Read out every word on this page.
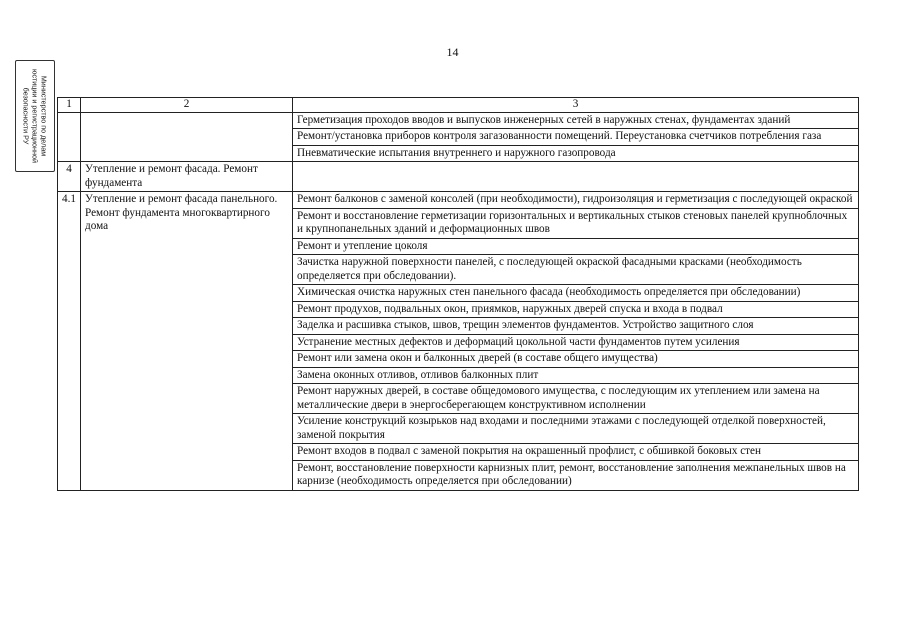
14
Министерство по делам
юстиции и регистрационной
безопасности РУ	1	2	3
		Герметизация проходов вводов и выпусков инженерных сетей в наружных стенах, фундаментах зданий
		Ремонт/установка приборов контроля загазованности помещений. Переустановка счетчиков потребления газа
		Пневматические испытания внутреннего и наружного газопровода
4	Утепление и ремонт фасада. Ремонт фундамента	
4.1	Утепление и ремонт фасада панельного. Ремонт фундамента многоквартирного дома	Ремонт балконов с заменой консолей (при необходимости), гидроизоляция и герметизация с последующей окраской
		Ремонт и восстановление герметизации горизонтальных и вертикальных стыков стеновых панелей крупноблочных и крупнопанельных зданий и деформационных швов
		Ремонт и утепление цоколя
		Зачистка наружной поверхности панелей, с последующей окраской фасадными красками (необходимость определяется при обследовании).
		Химическая очистка наружных стен панельного фасада (необходимость определяется при обследовании)
		Ремонт продухов, подвальных окон, приямков, наружных дверей спуска и входа в подвал
		Заделка и расшивка стыков, швов, трещин элементов фундаментов. Устройство защитного слоя
		Устранение местных дефектов и деформаций цокольной части фундаментов путем усиления
		Ремонт или замена окон и балконных дверей (в составе общего имущества)
		Замена оконных отливов, отливов балконных плит
		Ремонт наружных дверей, в составе общедомового имущества, с последующим их утеплением или замена на металлические двери в энергосберегающем конструктивном исполнении
		Усиление конструкций козырьков над входами и последними этажами с последующей отделкой поверхностей, заменой покрытия
		Ремонт входов в подвал с заменой покрытия на окрашенный профлист, с обшивкой боковых стен
		Ремонт, восстановление поверхности карнизных плит, ремонт, восстановление заполнения межпанельных швов на карнизе (необходимость определяется при обследовании)
